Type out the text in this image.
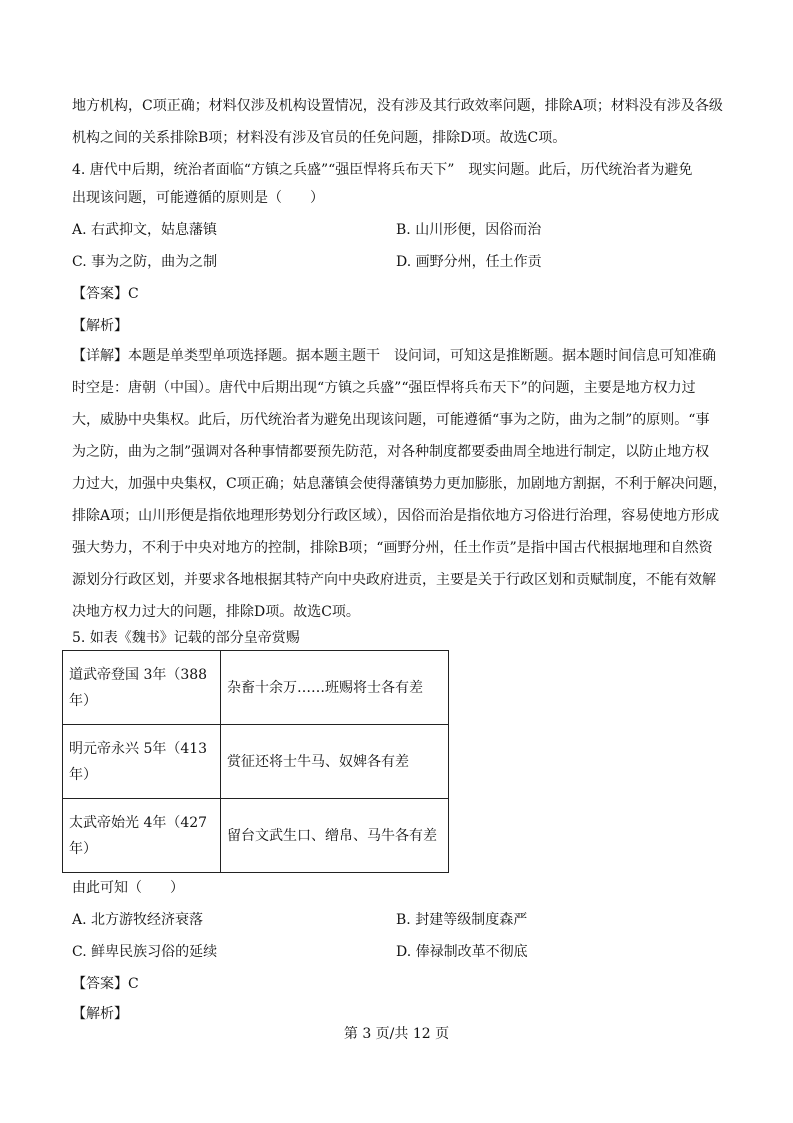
地方机构，C项正确；材料仅涉及机构设置情况，没有涉及其行政效率问题，排除A项；材料没有涉及各级
机构之间的关系排除B项；材料没有涉及官员的任免问题，排除D项。故选C项。
4. 唐代中后期，统治者面临“方镇之兵盛”“强臣悍将兵布天下”　现实问题。此后，历代统治者为避免
出现该问题，可能遵循的原则是（　　）
A. 右武抑文，姑息藩镇	B. 山川形便，因俗而治
C. 事为之防，曲为之制	D. 画野分州，任土作贡
【答案】C
【解析】
【详解】本题是单类型单项选择题。据本题主题干　设问词，可知这是推断题。据本题时间信息可知准确
时空是：唐朝（中国）。唐代中后期出现“方镇之兵盛”“强臣悍将兵布天下”的问题，主要是地方权力过
大，威胁中央集权。此后，历代统治者为避免出现该问题，可能遵循“事为之防，曲为之制”的原则。“事
为之防，曲为之制”强调对各种事情都要预先防范，对各种制度都要委曲周全地进行制定，以防止地方权
力过大，加强中央集权，C项正确；姑息藩镇会使得藩镇势力更加膨胀，加剧地方割据，不利于解决问题，
排除A项；山川形便是指依地理形势划分行政区域），因俗而治是指依地方习俗进行治理，容易使地方形成
强大势力，不利于中央对地方的控制，排除B项；“画野分州，任土作贡”是指中国古代根据地理和自然资
源划分行政区划，并要求各地根据其特产向中央政府进贡，主要是关于行政区划和贡赋制度，不能有效解
决地方权力过大的问题，排除D项。故选C项。
5. 如表《魏书》记载的部分皇帝赏赐
道武帝登国 3年（388年）	杂畜十余万……班赐将士各有差
明元帝永兴 5年（413年）	赏征还将士牛马、奴婢各有差
太武帝始光 4年（427年）	留台文武生口、缯帛、马牛各有差
由此可知（　　）
A. 北方游牧经济衰落	B. 封建等级制度森严
C. 鲜卑民族习俗的延续	D. 俸禄制改革不彻底
【答案】C
【解析】
第 3 页/共 12 页
